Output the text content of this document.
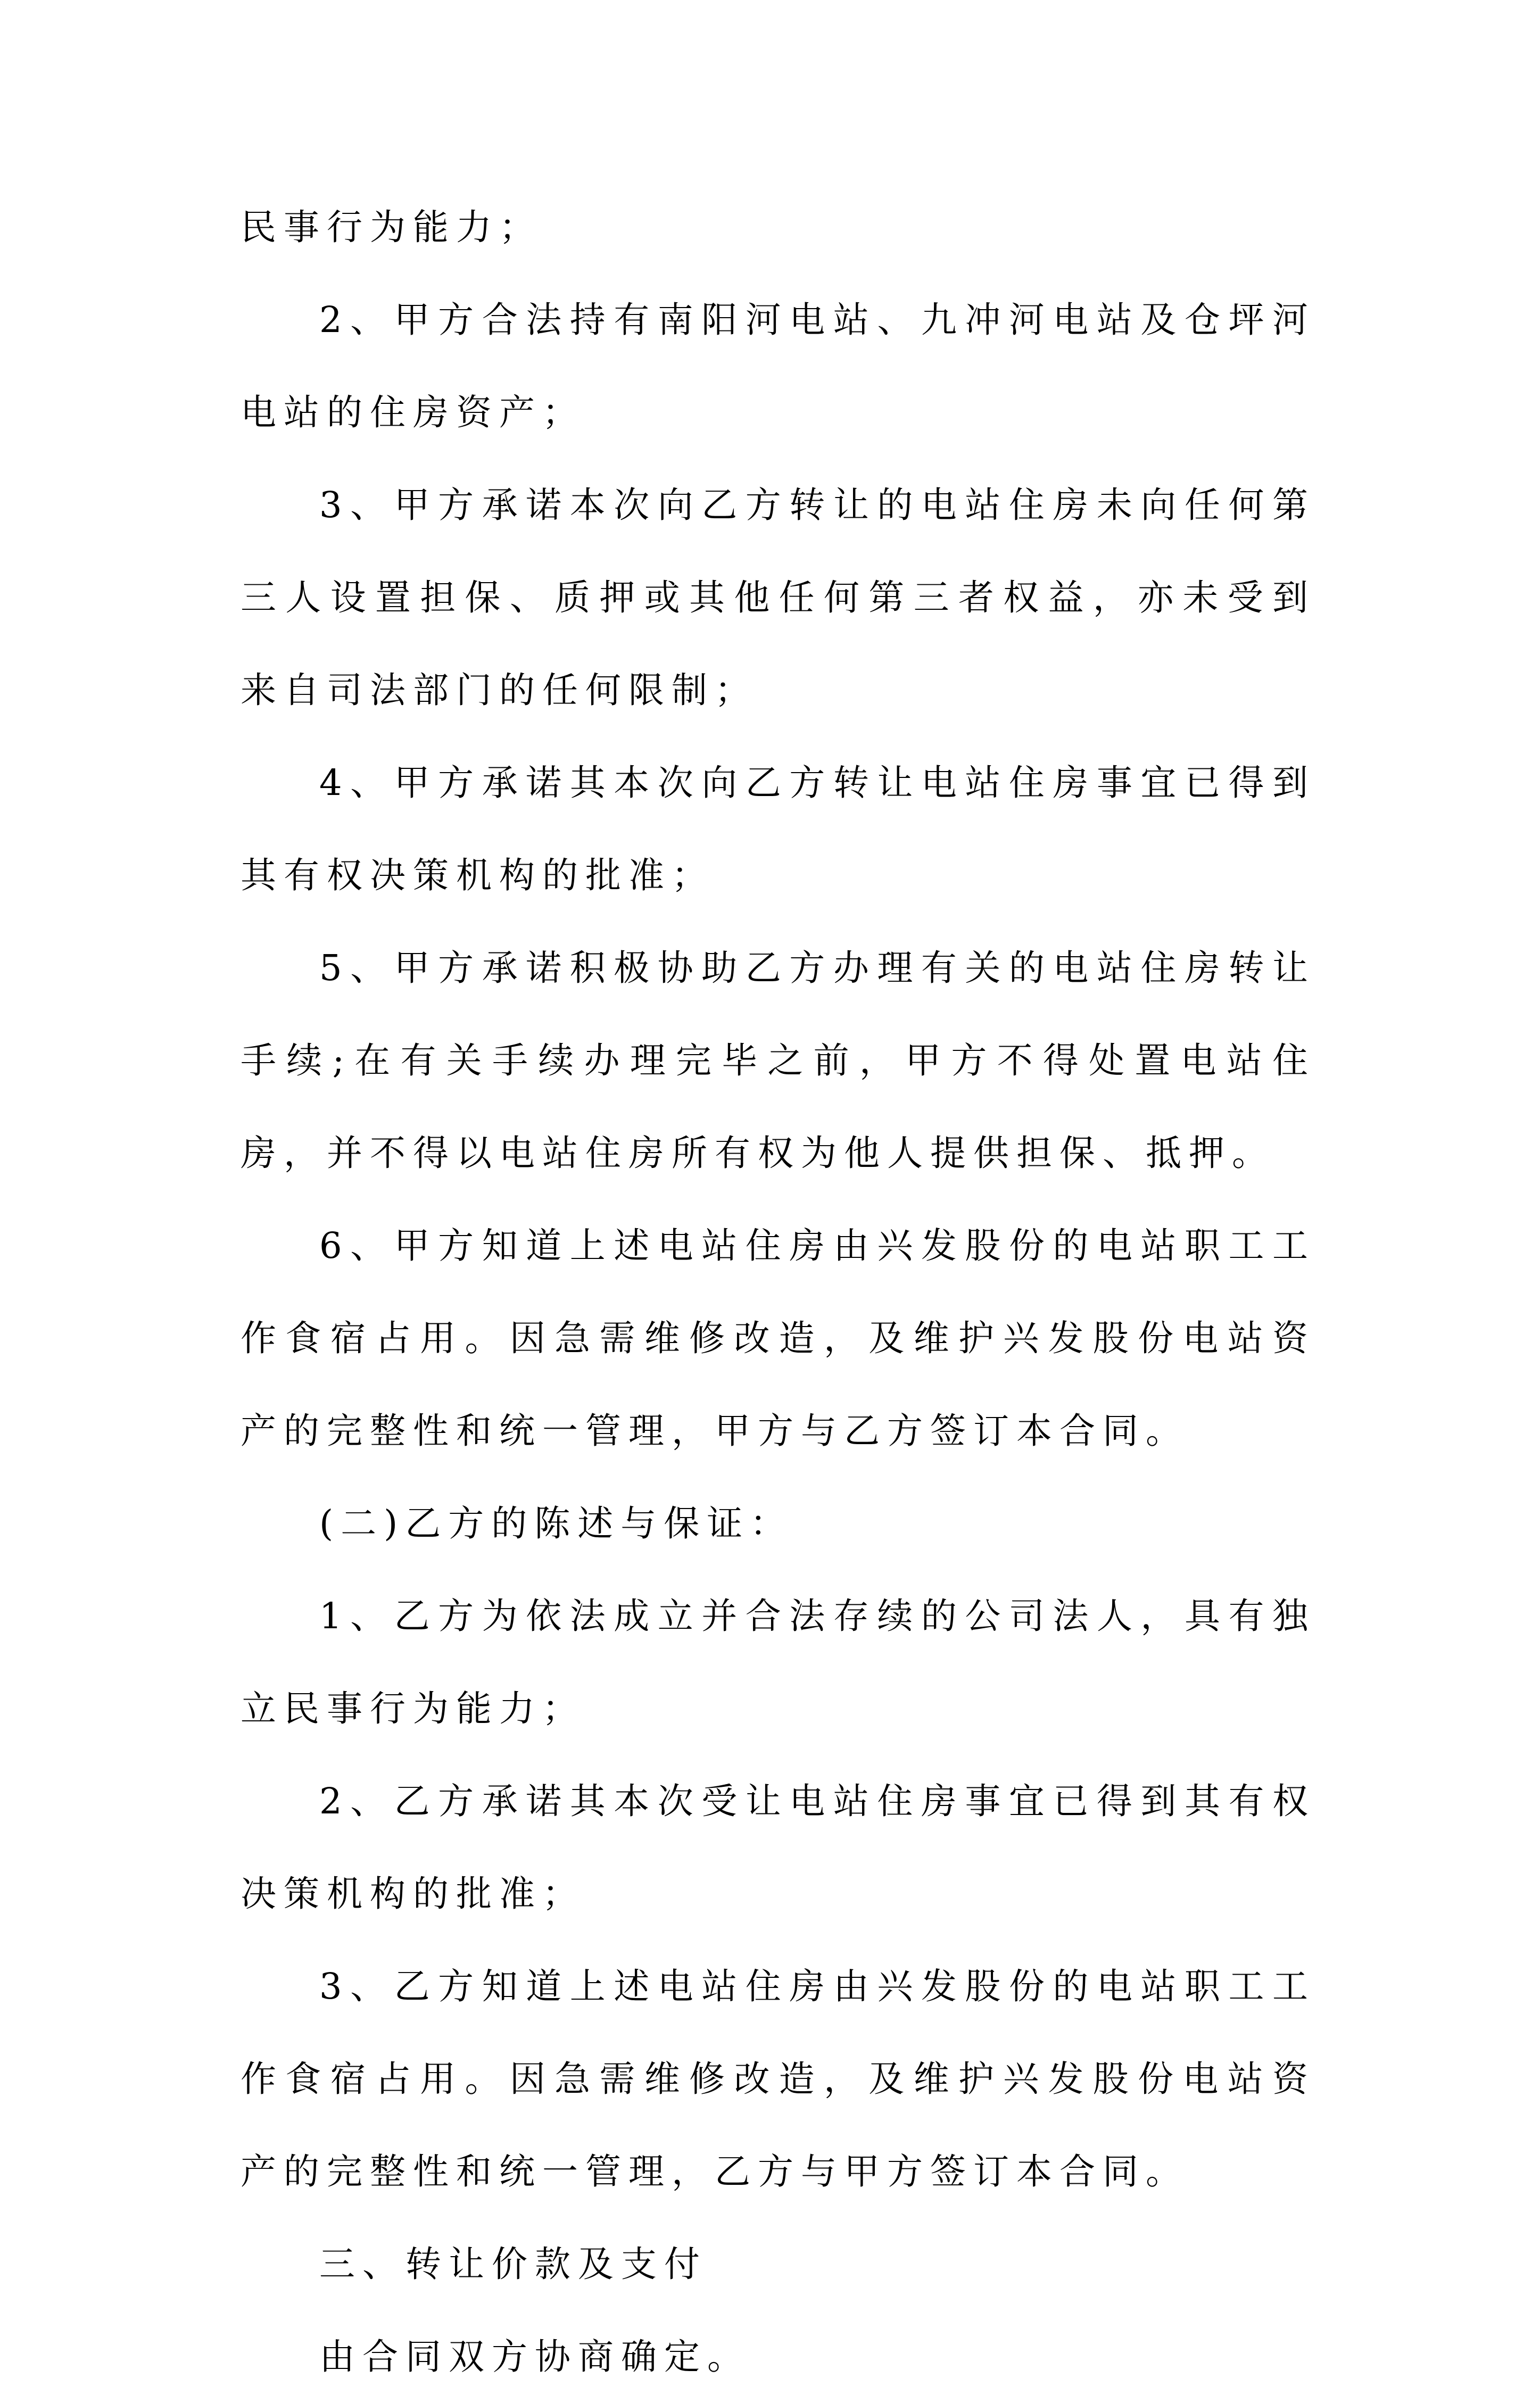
民事行为能力；

2、甲方合法持有南阳河电站、九冲河电站及仓坪河电站的住房资产；

3、甲方承诺本次向乙方转让的电站住房未向任何第三人设置担保、质押或其他任何第三者权益，亦未受到来自司法部门的任何限制；

4、甲方承诺其本次向乙方转让电站住房事宜已得到其有权决策机构的批准；

5、甲方承诺积极协助乙方办理有关的电站住房转让手续;在有关手续办理完毕之前，甲方不得处置电站住房，并不得以电站住房所有权为他人提供担保、抵押。

6、甲方知道上述电站住房由兴发股份的电站职工工作食宿占用。因急需维修改造，及维护兴发股份电站资产的完整性和统一管理，甲方与乙方签订本合同。

(二)乙方的陈述与保证：

1、乙方为依法成立并合法存续的公司法人，具有独立民事行为能力；

2、乙方承诺其本次受让电站住房事宜已得到其有权决策机构的批准；

3、乙方知道上述电站住房由兴发股份的电站职工工作食宿占用。因急需维修改造，及维护兴发股份电站资产的完整性和统一管理，乙方与甲方签订本合同。

三、转让价款及支付

由合同双方协商确定。
